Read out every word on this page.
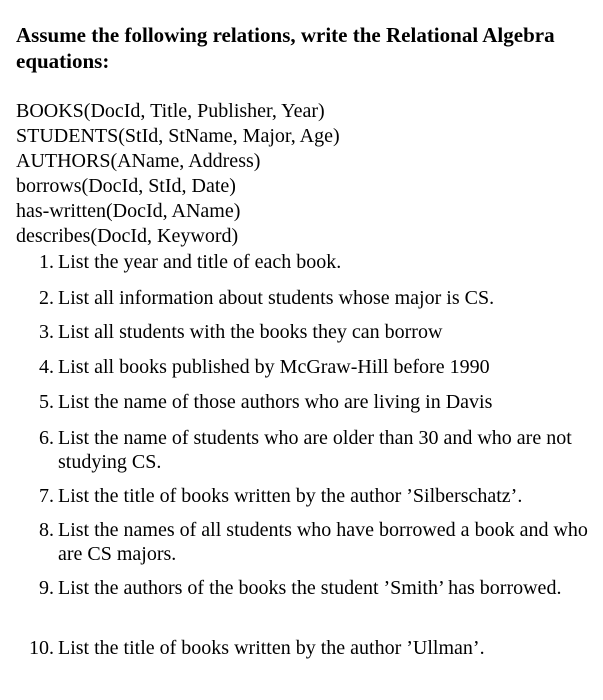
Assume the following relations, write the Relational Algebra equations:
BOOKS(DocId, Title, Publisher, Year)
STUDENTS(StId, StName, Major, Age)
AUTHORS(AName, Address)
borrows(DocId, StId, Date)
has-written(DocId, AName)
describes(DocId, Keyword)
1. List the year and title of each book.
2. List all information about students whose major is CS.
3. List all students with the books they can borrow
4. List all books published by McGraw-Hill before 1990
5. List the name of those authors who are living in Davis
6. List the name of students who are older than 30 and who are not studying CS.
7. List the title of books written by the author ’Silberschatz’.
8. List the names of all students who have borrowed a book and who are CS majors.
9. List the authors of the books the student ’Smith’ has borrowed.
10. List the title of books written by the author ’Ullman’.
